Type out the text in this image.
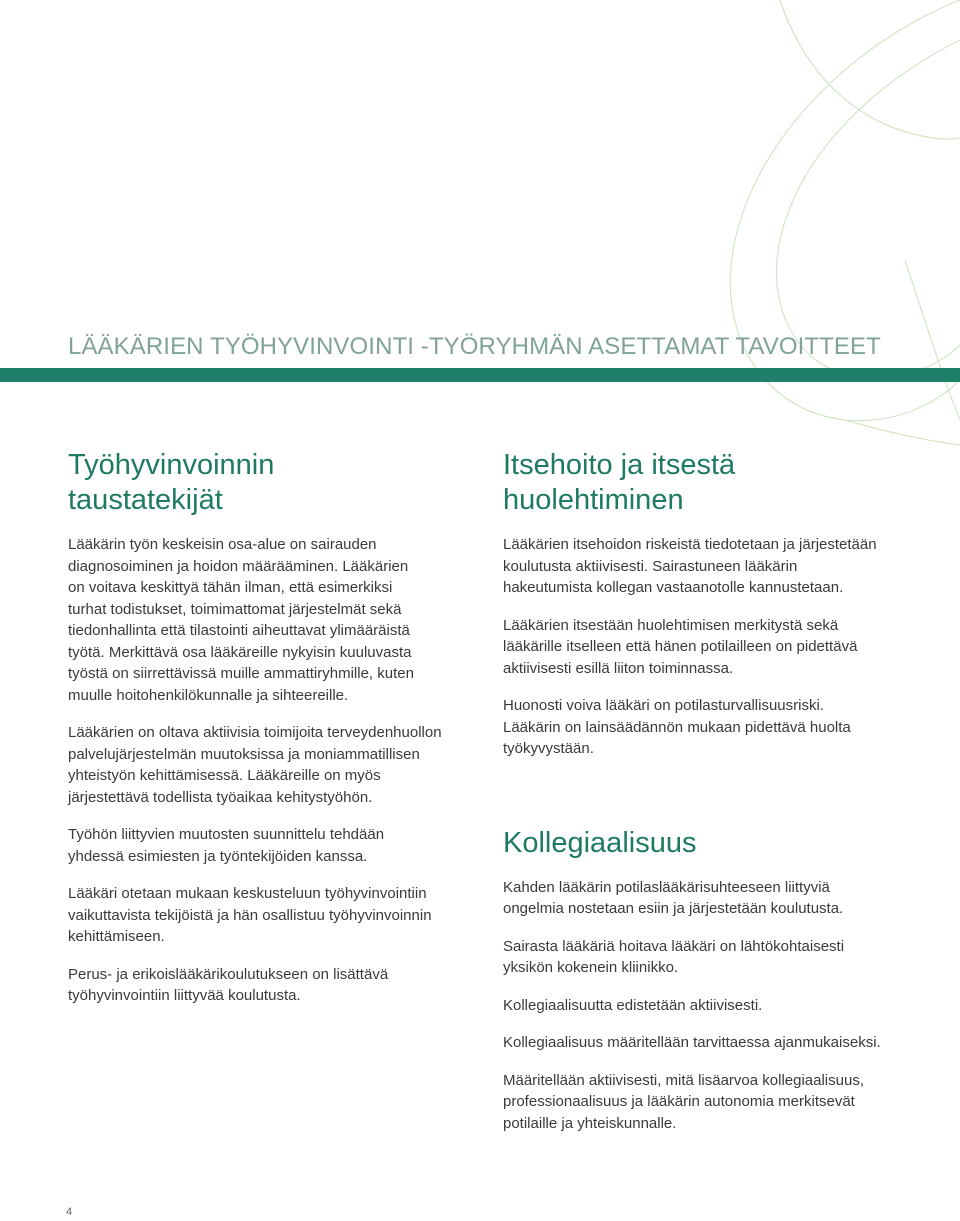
LÄÄKÄRIEN TYÖHYVINVOINTI -TYÖRYHMÄN ASETTAMAT TAVOITTEET
Työhyvinvoinnin
taustatekijät

Lääkärin työn keskeisin osa-alue on sairauden
diagnosoiminen ja hoidon määrääminen. Lääkärien
on voitava keskittyä tähän ilman, että esimerkiksi
turhat todistukset, toimimattomat järjestelmät sekä
tiedonhallinta että tilastointi aiheuttavat ylimääräistä
työtä. Merkittävä osa lääkäreille nykyisin kuuluvasta
työstä on siirrettävissä muille ammattiryhmille, kuten
muulle hoitohenkilökunnalle ja sihteereille.

Lääkärien on oltava aktiivisia toimijoita terveydenhuollon
palvelujärjestelmän muutoksissa ja moniammatillisen
yhteistyön kehittämisessä. Lääkäreille on myös
järjestettävä todellista työaikaa kehitystyöhön.

Työhön liittyvien muutosten suunnittelu tehdään
yhdessä esimiesten ja työntekijöiden kanssa.

Lääkäri otetaan mukaan keskusteluun työhyvinvointiin
vaikuttavista tekijöistä ja hän osallistuu työhyvinvoinnin
kehittämiseen.

Perus- ja erikoislääkärikoulutukseen on lisättävä
työhyvinvointiin liittyvää koulutusta.

Itsehoito ja itsestä
huolehtiminen

Lääkärien itsehoidon riskeistä tiedotetaan ja järjestetään
koulutusta aktiivisesti. Sairastuneen lääkärin
hakeutumista kollegan vastaanotolle kannustetaan.

Lääkärien itsestään huolehtimisen merkitystä sekä
lääkärille itselleen että hänen potilailleen on pidettävä
aktiivisesti esillä liiton toiminnassa.

Huonosti voiva lääkäri on potilasturvallisuusriski.
Lääkärin on lainsäädännön mukaan pidettävä huolta
työkyvystään.

Kollegiaalisuus

Kahden lääkärin potilaslääkärisuhteeseen liittyviä
ongelmia nostetaan esiin ja järjestetään koulutusta.

Sairasta lääkäriä hoitava lääkäri on lähtökohtaisesti
yksikön kokenein kliinikko.

Kollegiaalisuutta edistetään aktiivisesti.

Kollegiaalisuus määritellään tarvittaessa ajanmukaiseksi.

Määritellään aktiivisesti, mitä lisäarvoa kollegiaalisuus,
professionaalisuus ja lääkärin autonomia merkitsevät
potilaille ja yhteiskunnalle.

4
